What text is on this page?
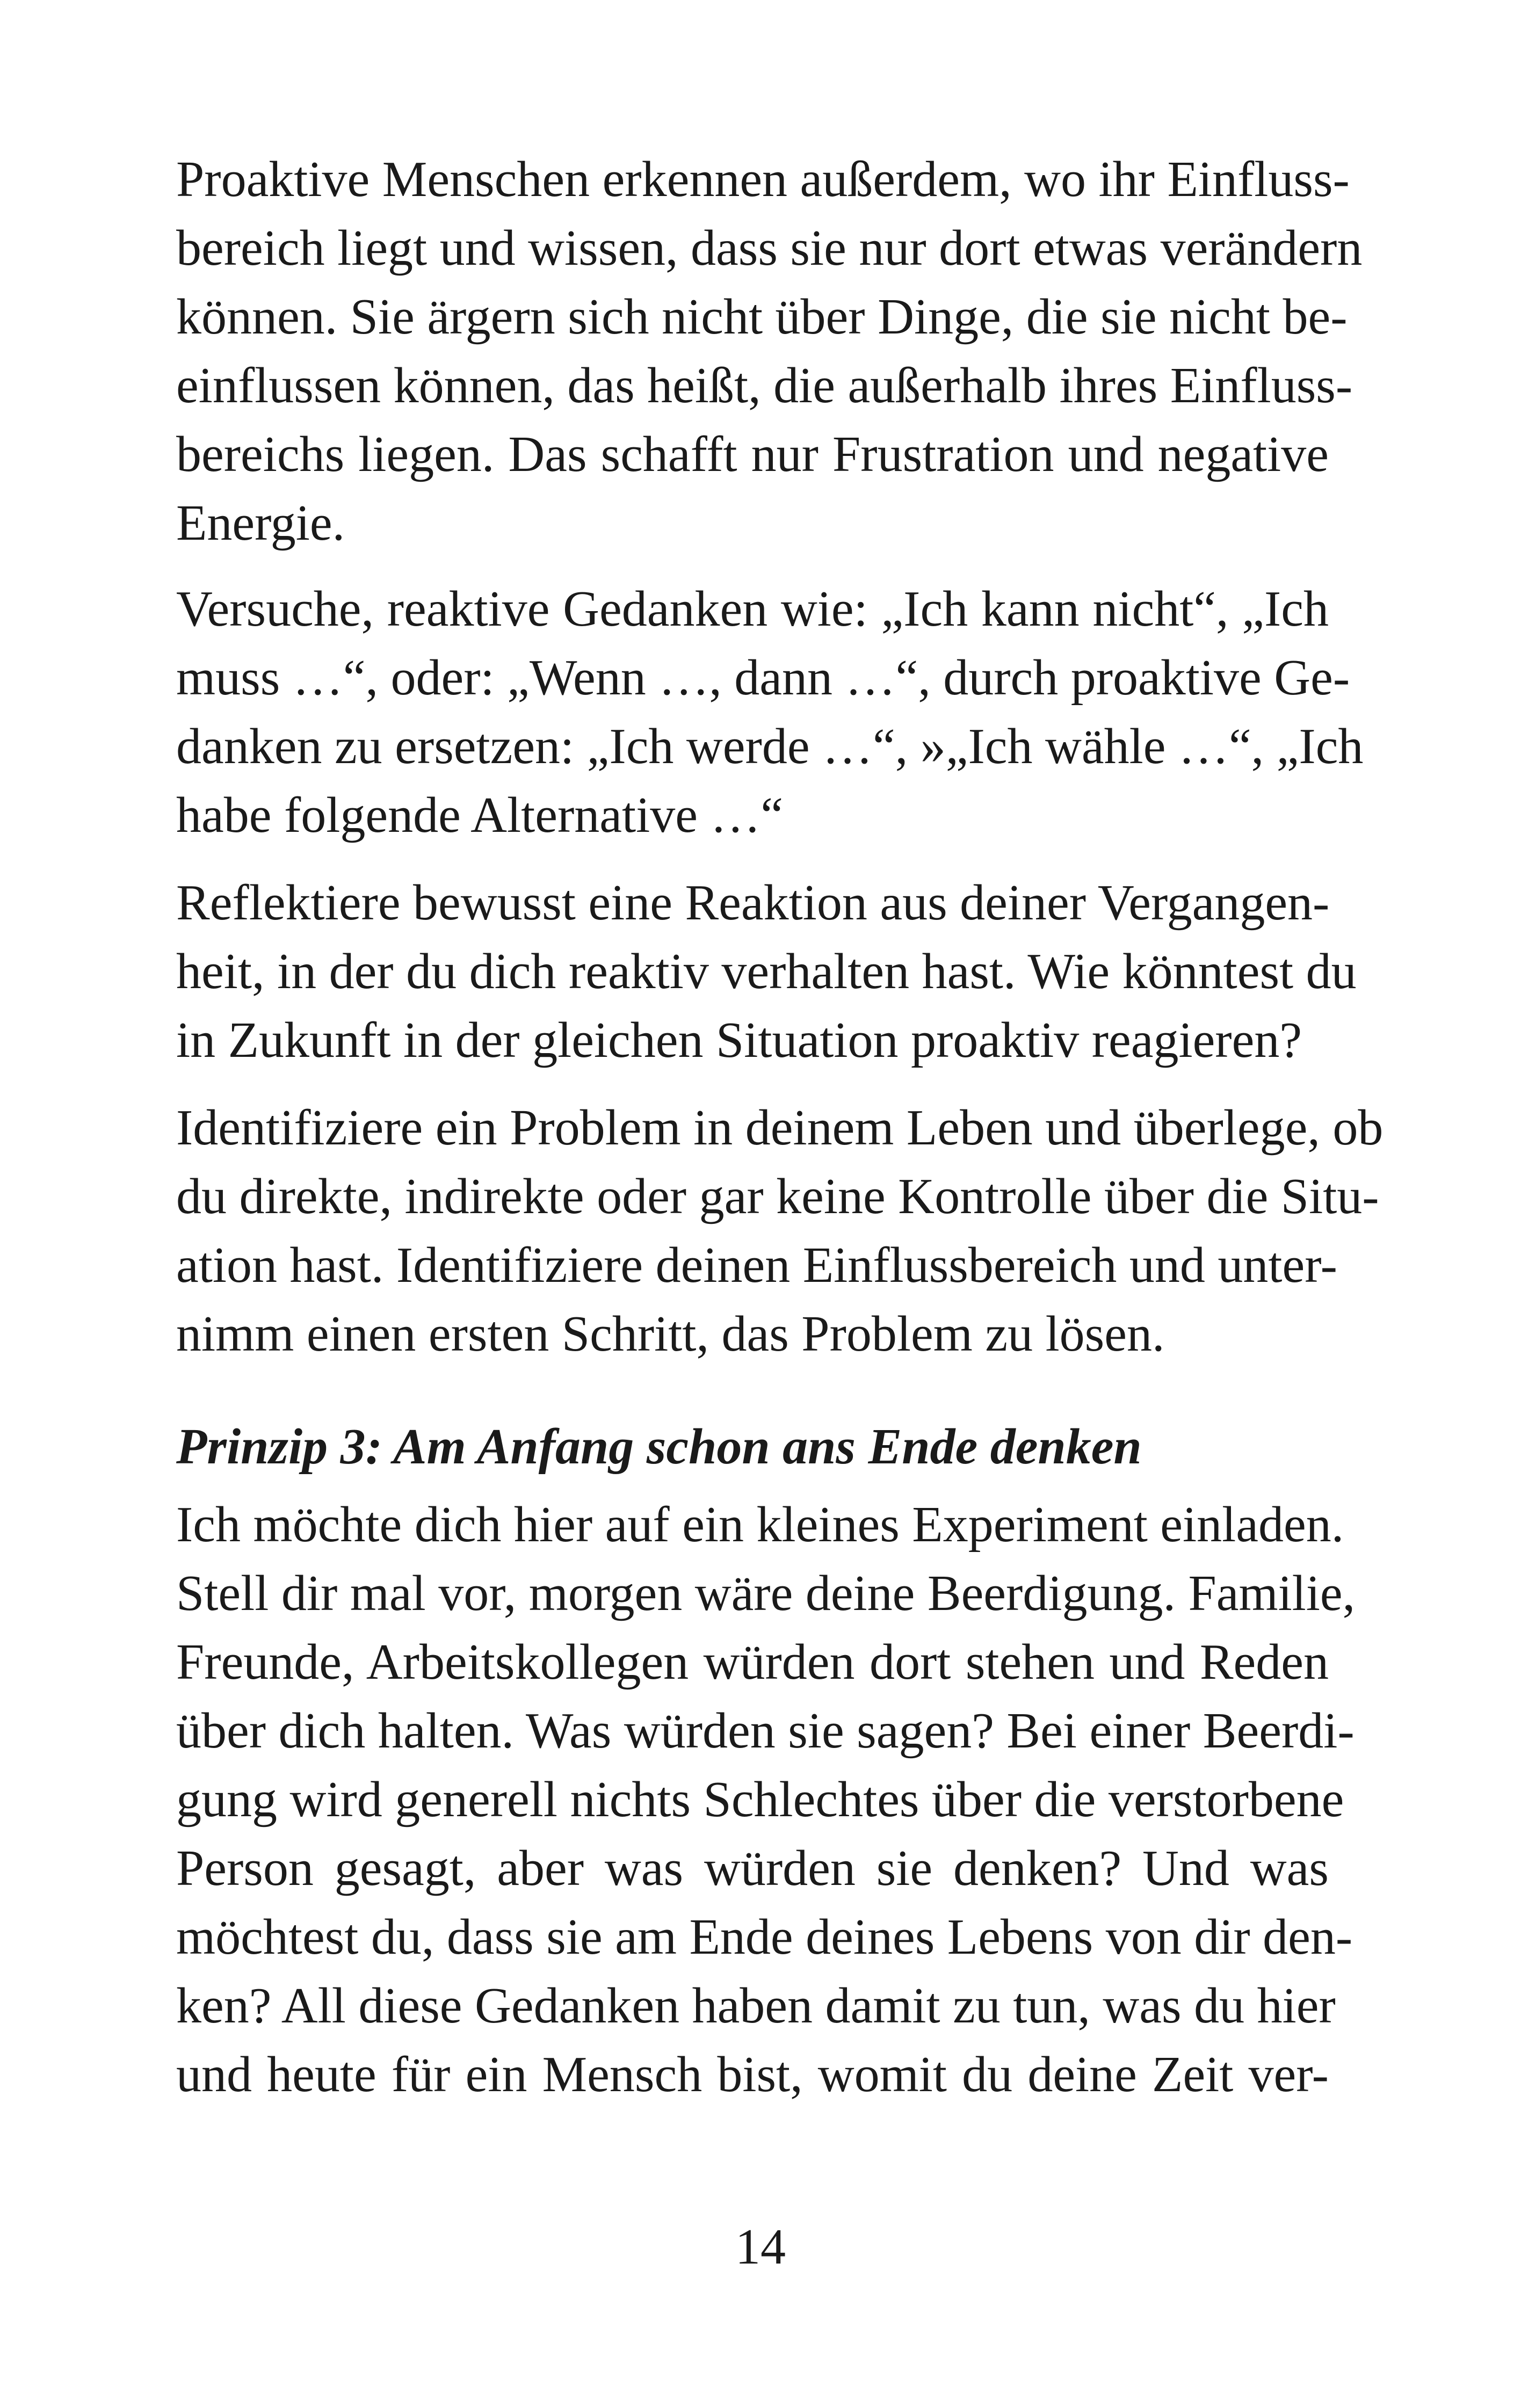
Proaktive Menschen erkennen außerdem, wo ihr Einfluss-
bereich liegt und wissen, dass sie nur dort etwas verändern
können. Sie ärgern sich nicht über Dinge, die sie nicht be-
einflussen können, das heißt, die außerhalb ihres Einfluss-
bereichs liegen. Das schafft nur Frustration und negative
Energie.
Versuche, reaktive Gedanken wie: „Ich kann nicht“, „Ich
muss …“, oder: „Wenn …, dann …“, durch proaktive Ge-
danken zu ersetzen: „Ich werde …“, »„Ich wähle …“, „Ich
habe folgende Alternative …“
Reflektiere bewusst eine Reaktion aus deiner Vergangen-
heit, in der du dich reaktiv verhalten hast. Wie könntest du
in Zukunft in der gleichen Situation proaktiv reagieren?
Identifiziere ein Problem in deinem Leben und überlege, ob
du direkte, indirekte oder gar keine Kontrolle über die Situ-
ation hast. Identifiziere deinen Einflussbereich und unter-
nimm einen ersten Schritt, das Problem zu lösen.
Prinzip 3: Am Anfang schon ans Ende denken
Ich möchte dich hier auf ein kleines Experiment einladen.
Stell dir mal vor, morgen wäre deine Beerdigung. Familie,
Freunde, Arbeitskollegen würden dort stehen und Reden
über dich halten. Was würden sie sagen? Bei einer Beerdi-
gung wird generell nichts Schlechtes über die verstorbene
Person gesagt, aber was würden sie denken? Und was
möchtest du, dass sie am Ende deines Lebens von dir den-
ken? All diese Gedanken haben damit zu tun, was du hier
und heute für ein Mensch bist, womit du deine Zeit ver-
14
